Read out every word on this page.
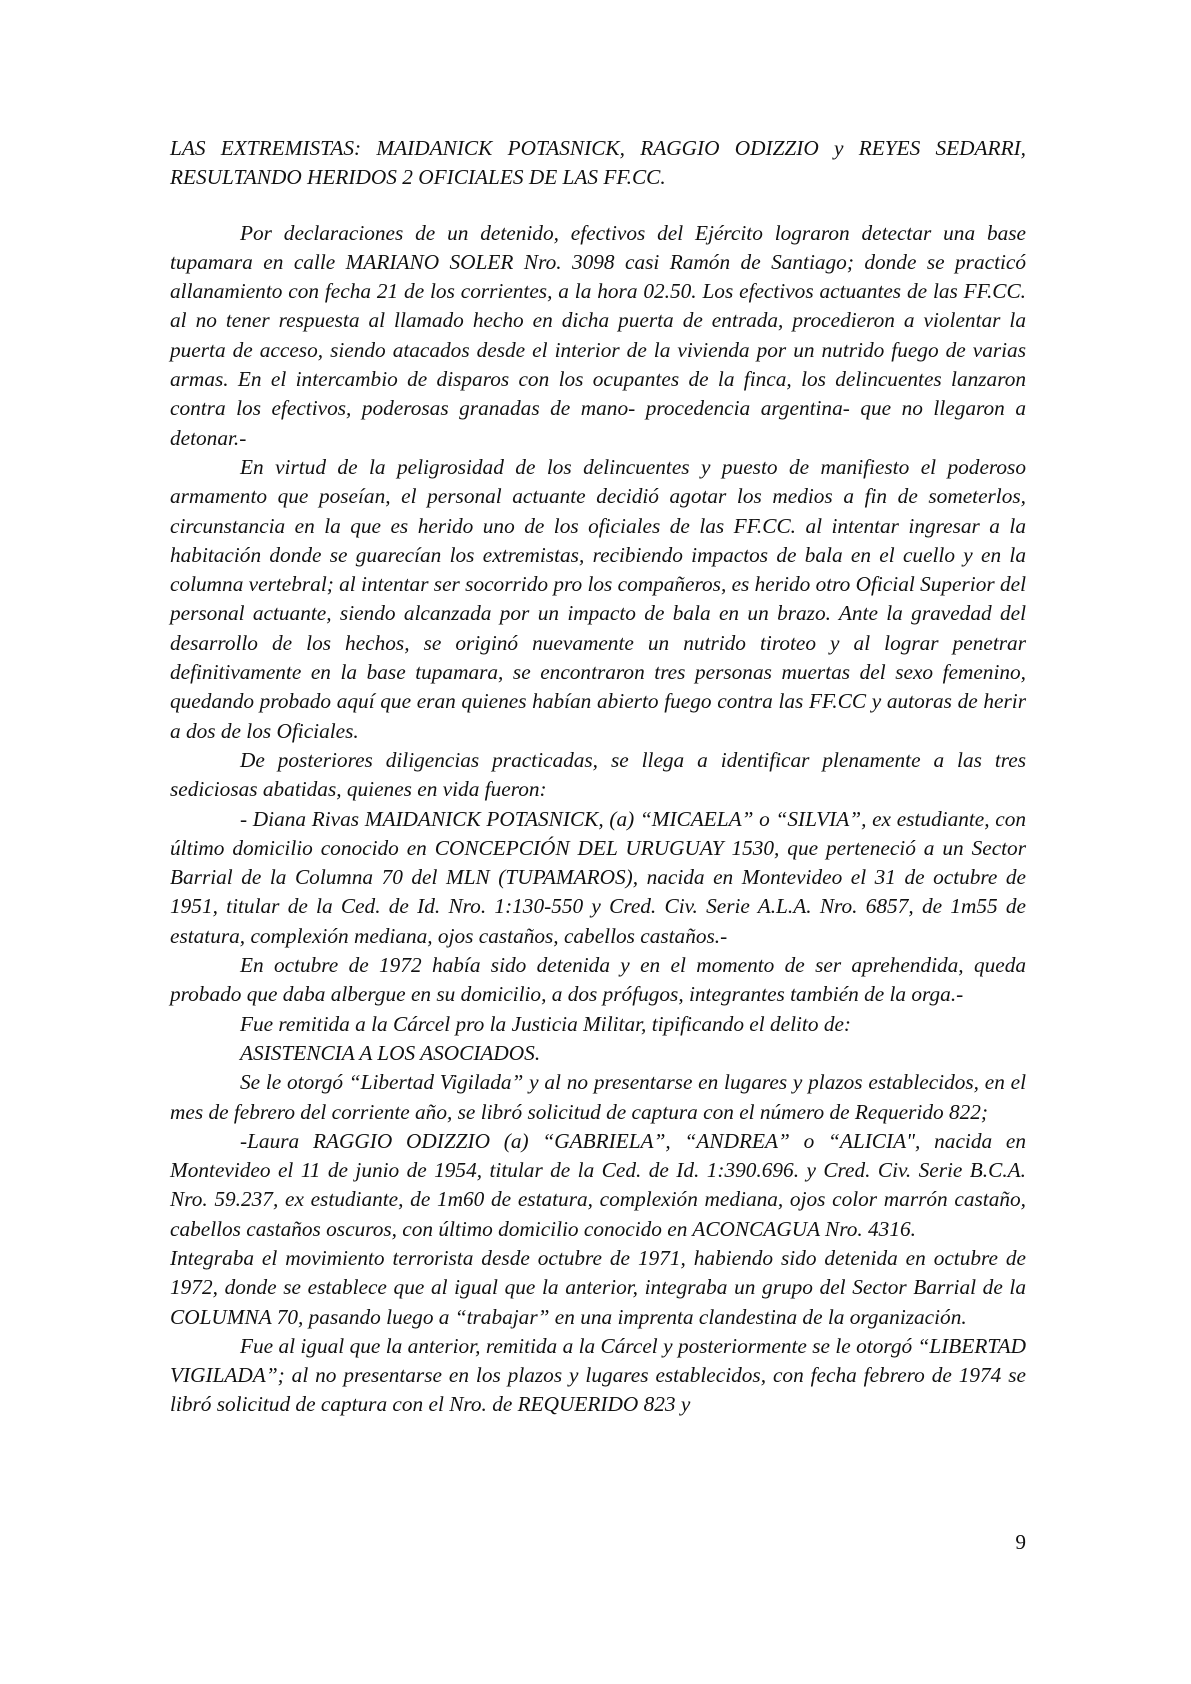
LAS EXTREMISTAS: MAIDANICK POTASNICK, RAGGIO ODIZZIO y REYES SEDARRI, RESULTANDO HERIDOS 2 OFICIALES DE LAS FF.CC.

Por declaraciones de un detenido, efectivos del Ejército lograron detectar una base tupamara en calle MARIANO SOLER Nro. 3098 casi Ramón de Santiago; donde se practicó allanamiento con fecha 21 de los corrientes, a la hora 02.50. Los efectivos actuantes de las FF.CC. al no tener respuesta al llamado hecho en dicha puerta de entrada, procedieron a violentar la puerta de acceso, siendo atacados desde el interior de la vivienda por un nutrido fuego de varias armas. En el intercambio de disparos con los ocupantes de la finca, los delincuentes lanzaron contra los efectivos, poderosas granadas de mano- procedencia argentina- que no llegaron a detonar.-

En virtud de la peligrosidad de los delincuentes y puesto de manifiesto el poderoso armamento que poseían, el personal actuante decidió agotar los medios a fin de someterlos, circunstancia en la que es herido uno de los oficiales de las FF.CC. al intentar ingresar a la habitación donde se guarecían los extremistas, recibiendo impactos de bala en el cuello y en la columna vertebral; al intentar ser socorrido pro los compañeros, es herido otro Oficial Superior del personal actuante, siendo alcanzada por un impacto de bala en un brazo. Ante la gravedad del desarrollo de los hechos, se originó nuevamente un nutrido tiroteo y al lograr penetrar definitivamente en la base tupamara, se encontraron tres personas muertas del sexo femenino, quedando probado aquí que eran quienes habían abierto fuego contra las FF.CC y autoras de herir a dos de los Oficiales.

De posteriores diligencias practicadas, se llega a identificar plenamente a las tres sediciosas abatidas, quienes en vida fueron:

- Diana Rivas MAIDANICK POTASNICK, (a) “MICAELA” o “SILVIA”, ex estudiante, con último domicilio conocido en CONCEPCIÓN DEL URUGUAY 1530, que perteneció a un Sector Barrial de la Columna 70 del MLN (TUPAMAROS), nacida en Montevideo el 31 de octubre de 1951, titular de la Ced. de Id. Nro. 1:130-550 y Cred. Civ. Serie A.L.A. Nro. 6857, de 1m55 de estatura, complexión mediana, ojos castaños, cabellos castaños.-

En octubre de 1972 había sido detenida y en el momento de ser aprehendida, queda probado que daba albergue en su domicilio, a dos prófugos, integrantes también de la orga.-

Fue remitida a la Cárcel pro la Justicia Militar, tipificando el delito de:

ASISTENCIA A LOS ASOCIADOS.

Se le otorgó “Libertad Vigilada” y al no presentarse en lugares y plazos establecidos, en el mes de febrero del corriente año, se libró solicitud de captura con el número de Requerido 822;

-Laura RAGGIO ODIZZIO (a) “GABRIELA”, “ANDREA” o “ALICIA", nacida en Montevideo el 11 de junio de 1954, titular de la Ced. de Id. 1:390.696. y Cred. Civ. Serie B.C.A. Nro. 59.237, ex estudiante, de 1m60 de estatura, complexión mediana, ojos color marrón castaño, cabellos castaños oscuros, con último domicilio conocido en ACONCAGUA Nro. 4316.

Integraba el movimiento terrorista desde octubre de 1971, habiendo sido detenida en octubre de 1972, donde se establece que al igual que la anterior, integraba un grupo del Sector Barrial de la COLUMNA 70, pasando luego a “trabajar” en una imprenta clandestina de la organización.

Fue al igual que la anterior, remitida a la Cárcel y posteriormente se le otorgó “LIBERTAD VIGILADA”; al no presentarse en los plazos y lugares establecidos, con fecha febrero de 1974 se libró solicitud de captura con el Nro. de REQUERIDO 823 y

9
